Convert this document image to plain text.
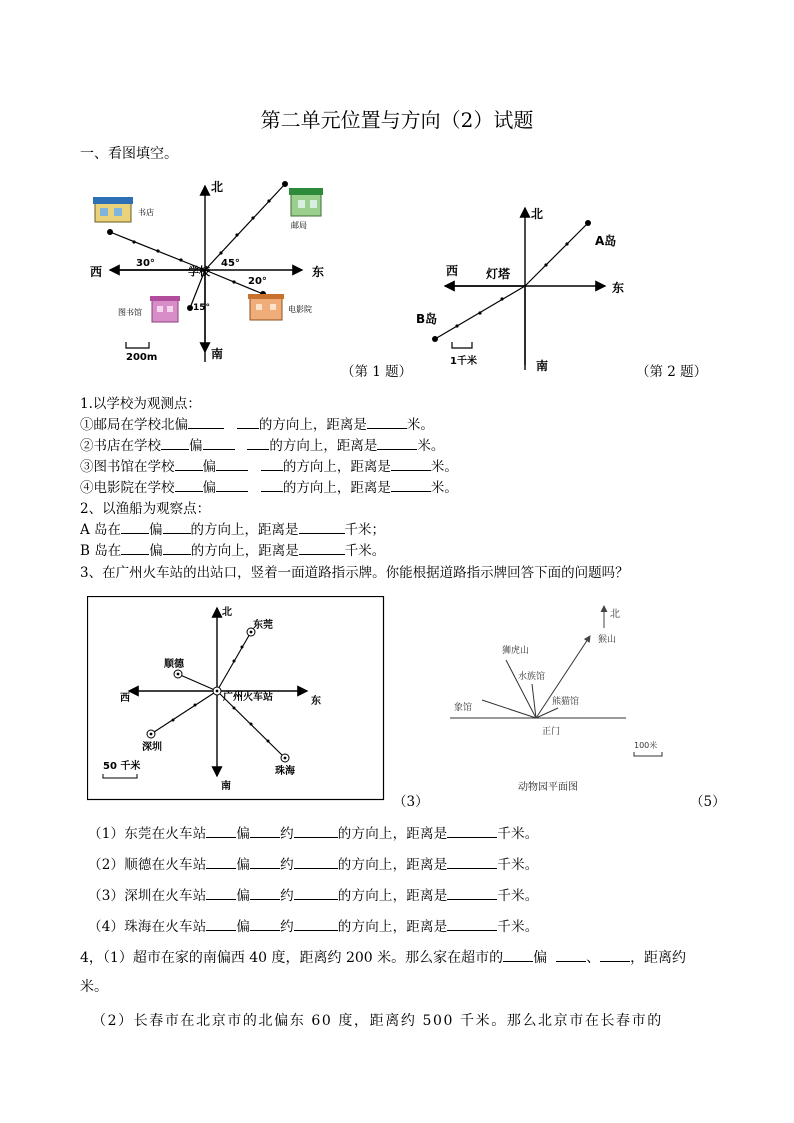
第二单元位置与方向（2）试题
一、看图填空。
北
南
东
西	学校
30°	45°
20°
15°
书店
邮局
图书馆	电影院
200m
（第 1 题）
北
南
东
西 灯塔
A岛
B岛
1千米
（第 2 题）
1.以学校为观测点：
①邮局在学校北偏	的方向上，距离是	米。
②书店在学校 偏	的方向上，距离是	米。
③图书馆在学校 偏	的方向上，距离是	米。
④电影院在学校 偏	的方向上，距离是	米。
2、以渔船为观察点：
A 岛在 偏 的方向上，距离是	千米；
B 岛在 偏 的方向上，距离是	千米。
3、在广州火车站的出站口，竖着一面道路指示牌。你能根据道路指示牌回答下面的问题吗？
北
南
东
西	广州火车站
东莞
顺德
深圳
珠海
50 千米
（3）
北
狮虎山
猴山
水族馆
象馆
熊猫馆
正门
100米
动物园平面图
（5）
（1）东莞在火车站 偏 约	的方向上，距离是	千米。
（2）顺德在火车站 偏 约	的方向上，距离是	千米。
（3）深圳在火车站 偏 约	的方向上，距离是	千米。
（4）珠海在火车站 偏 约	的方向上，距离是	千米。
4，（1）超市在家的南偏西 40 度，距离约 200 米。那么家在超市的 偏	、 ，距离约
米。
（2）长春市在北京市的北偏东 60 度，距离约 500 千米。那么北京市在长春市的
